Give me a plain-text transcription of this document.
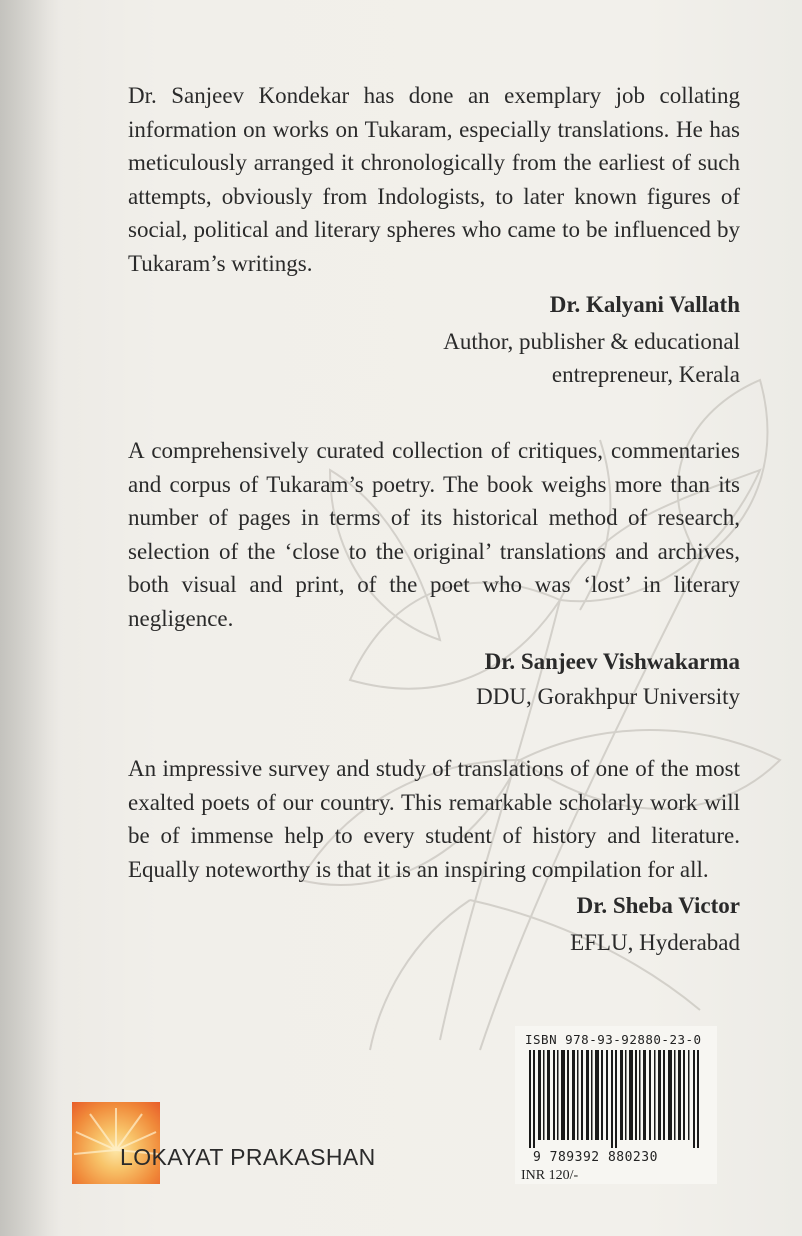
Dr. Sanjeev Kondekar has done an exemplary job collating information on works on Tukaram, especially translations. He has meticulously arranged it chronologically from the earliest of such attempts, obviously from Indologists, to later known figures of social, political and literary spheres who came to be influenced by Tukaram’s writings.

Dr. Kalyani Vallath
Author, publisher & educational
entrepreneur, Kerala

A comprehensively curated collection of critiques, commentaries and corpus of Tukaram’s poetry. The book weighs more than its number of pages in terms of its historical method of research, selection of the ‘close to the original’ translations and archives, both visual and print, of the poet who was ‘lost’ in literary negligence.

Dr. Sanjeev Vishwakarma
DDU, Gorakhpur University

An impressive survey and study of translations of one of the most exalted poets of our country. This remarkable scholarly work will be of immense help to every student of history and literature. Equally noteworthy is that it is an inspiring compilation for all.

Dr. Sheba Victor
EFLU, Hyderabad
ISBN 978-93-92880-23-0
9 789392 880230
INR 120/-
LOKAYAT PRAKASHAN
